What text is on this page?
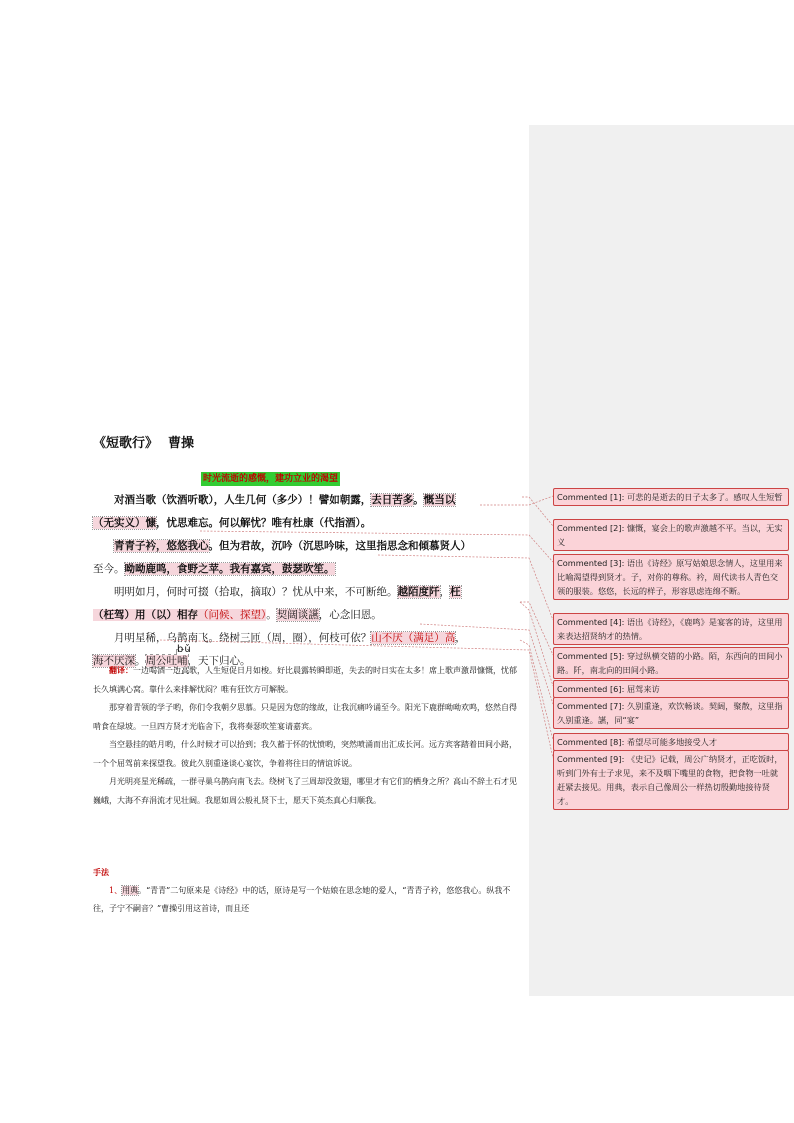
《短歌行》 曹操
时光流逝的感慨，建功立业的渴望
对酒当歌（饮酒听歌），人生几何（多少）！譬如朝露，去日苦多。慨当以
（无实义）慷，忧思难忘。何以解忧？唯有杜康（代指酒）。
青青子衿，悠悠我心。但为君故，沉吟（沉思吟味，这里指思念和倾慕贤人）
至今。呦呦鹿鸣，食野之苹。我有嘉宾，鼓瑟吹笙。
明明如月，何时可掇（拾取，摘取）？忧从中来，不可断绝。越陌度阡，枉
（枉驾）用（以）相存（问候、探望）。契阔谈讌，心念旧恩。
月明星稀，乌鹊南飞。绕树三匝（周，圈），何枝可依？山不厌（满足）高，
海不厌深。周公吐
bǔ
哺，天下归心。

翻译：一边喝酒一边高歌，人生短促日月如梭。好比晨露转瞬即逝，失去的时日实在太多！席上歌声激昂慷慨，忧郁长久填满心窝。靠什么来排解忧闷？唯有狂饮方可解脱。

那穿着青领的学子哟，你们令我朝夕思慕。只是因为您的缘故，让我沉痛吟诵至今。阳光下鹿群呦呦欢鸣，悠然自得啃食在绿坡。一旦四方贤才光临舍下，我将奏瑟吹笙宴请嘉宾。

当空悬挂的皓月哟，什么时候才可以拾到；我久蓄于怀的忧愤哟，突然喷涌而出汇成长河。远方宾客踏着田间小路，一个个屈驾前来探望我。彼此久别重逢谈心宴饮，争着将往日的情谊诉说。

月光明亮星光稀疏，一群寻巢乌鹊向南飞去。绕树飞了三周却没敛翅，哪里才有它们的栖身之所？高山不辞土石才见巍峨，大海不弃涓流才见壮阔。我愿如周公般礼贤下士，愿天下英杰真心归顺我。

手法

1、用典。“青青”二句原来是《诗经》中的话，原诗是写一个姑娘在思念她的爱人，“青青子衿，悠悠我心。纵我不往，子宁不嗣音？”曹操引用这首诗，而且还

Commented [1]: 可悲的是逝去的日子太多了。感叹人生短暂
Commented [2]: 慷慨，宴会上的歌声激越不平。当以，无实义
Commented [3]: 语出《诗经》原写姑娘思念情人，这里用来比喻渴望得到贤才。子，对你的尊称。衿，周代读书人青色交领的服装。悠悠，长远的样子，形容思虑连绵不断。
Commented [4]: 语出《诗经》，《鹿鸣》是宴客的诗，这里用来表达招贤纳才的热情。
Commented [5]: 穿过纵横交错的小路。陌，东西向的田间小路。阡，南北向的田间小路。
Commented [6]: 屈驾来访
Commented [7]: 久别重逢，欢饮畅谈。契阔，聚散，这里指久别重逢。讌，同“宴”
Commented [8]: 希望尽可能多地接受人才
Commented [9]: 《史记》记载，周公广纳贤才，正吃饭时，听到门外有士子求见，来不及咽下嘴里的食物，把食物一吐就赶紧去接见。用典，表示自己像周公一样热切殷勤地接待贤才。
